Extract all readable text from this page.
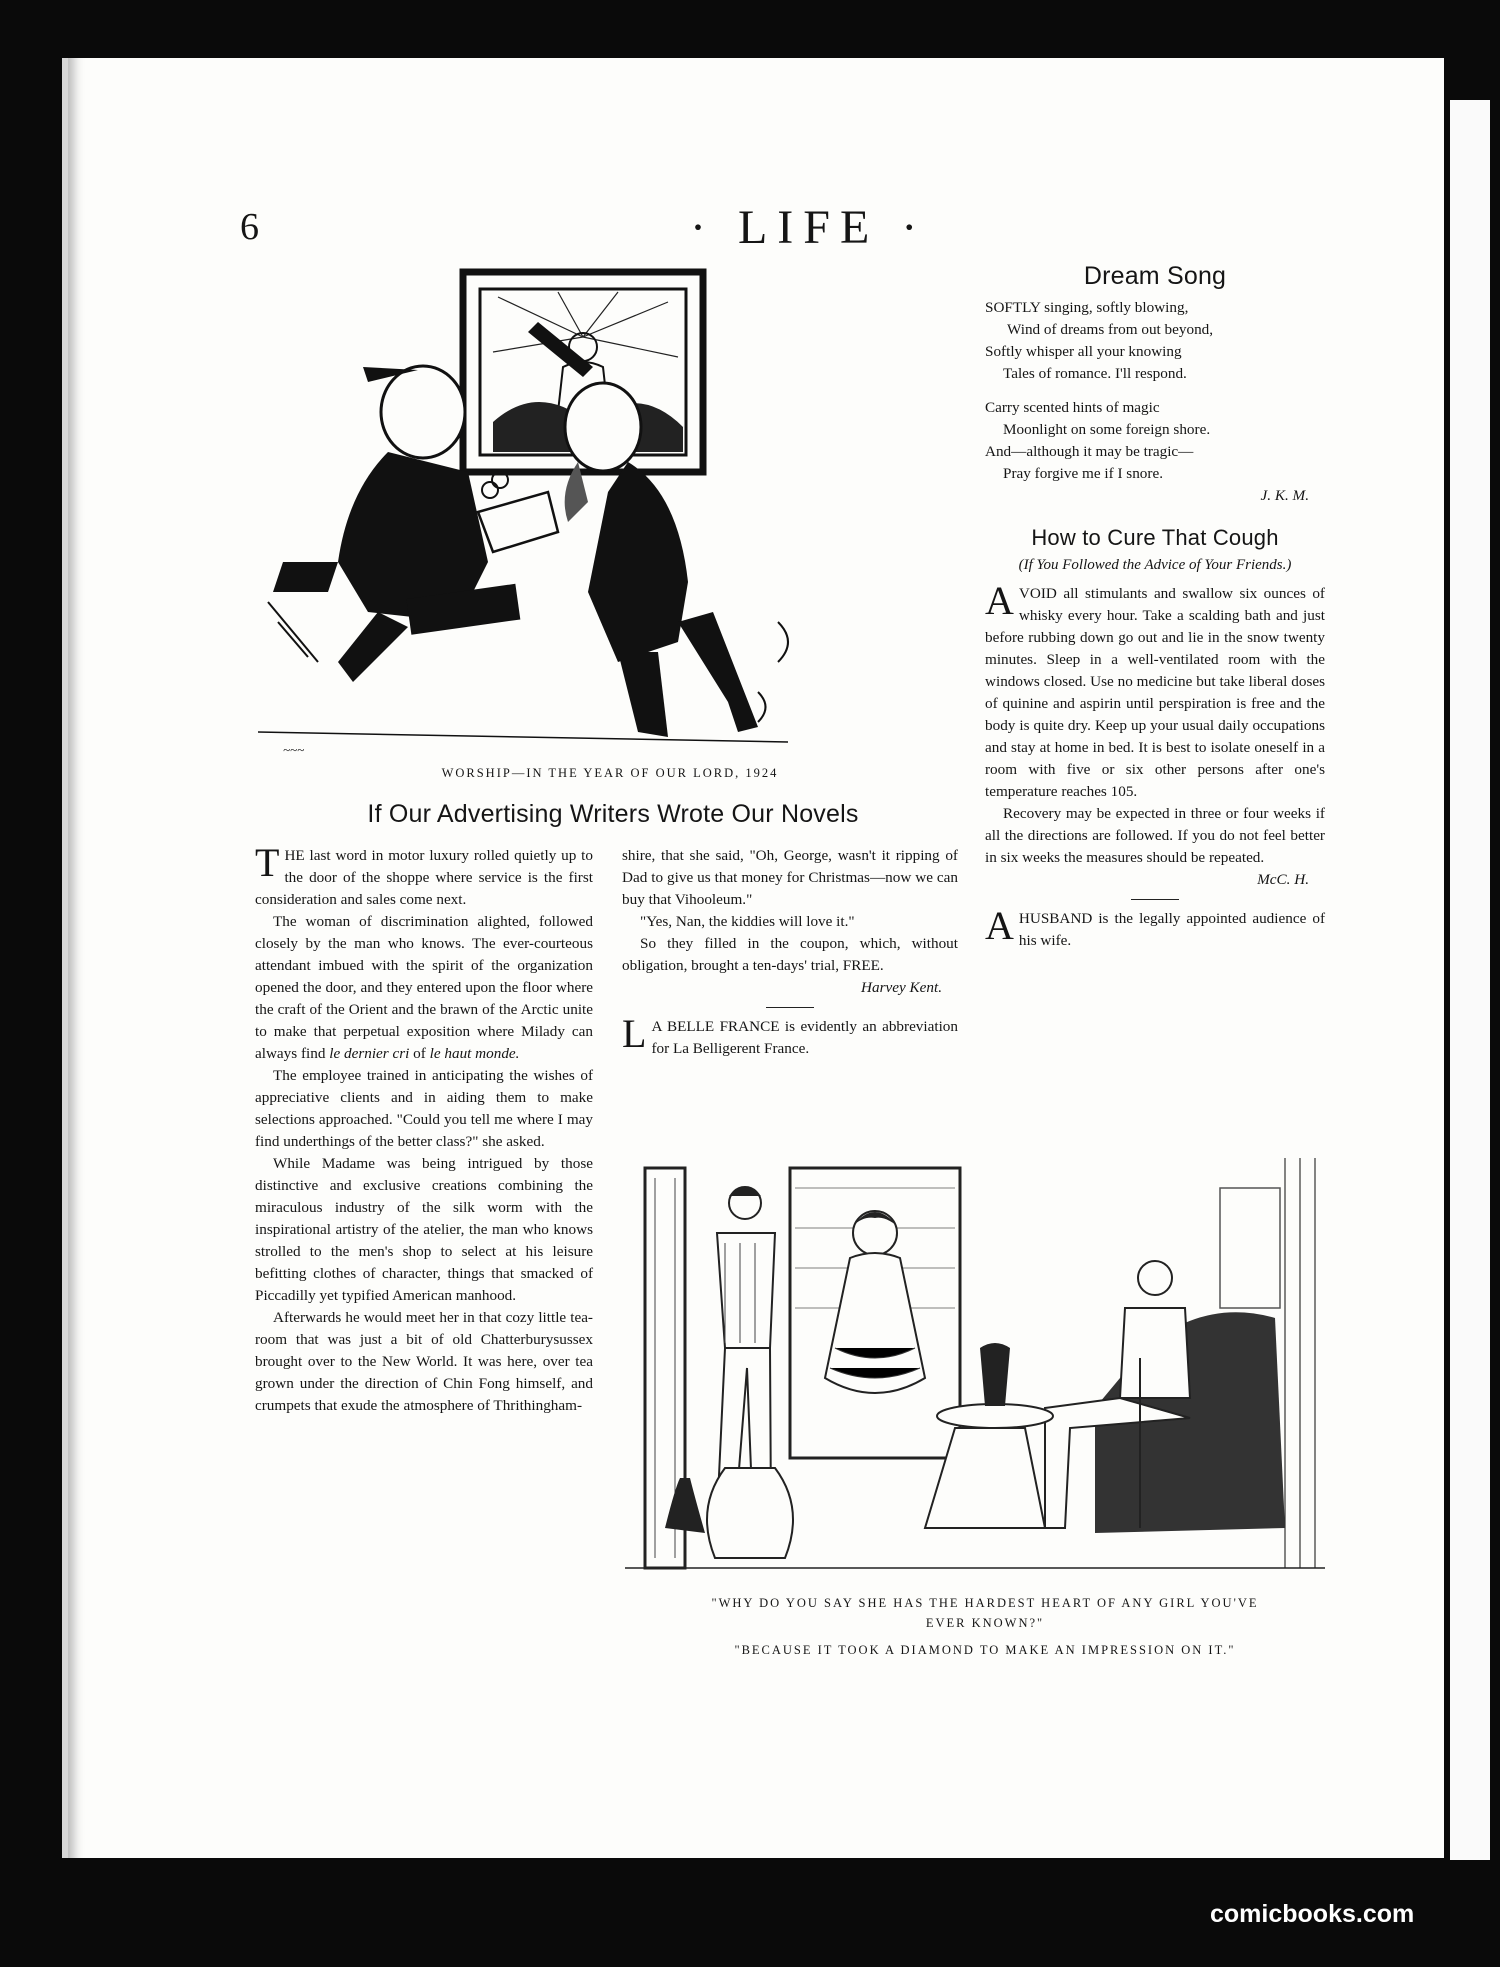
6	· LIFE ·
~~~
WORSHIP—IN THE YEAR OF OUR LORD, 1924
If Our Advertising Writers Wrote Our Novels

THE last word in motor luxury rolled quietly up to the door of the shoppe where service is the first consideration and sales come next.

The woman of discrimination alighted, followed closely by the man who knows. The ever-courteous attendant imbued with the spirit of the organization opened the door, and they entered upon the floor where the craft of the Orient and the brawn of the Arctic unite to make that perpetual exposition where Milady can always find le dernier cri of le haut monde.

The employee trained in anticipating the wishes of appreciative clients and in aiding them to make selections approached. "Could you tell me where I may find underthings of the better class?" she asked.

While Madame was being intrigued by those distinctive and exclusive creations combining the miraculous industry of the silk worm with the inspirational artistry of the atelier, the man who knows strolled to the men's shop to select at his leisure befitting clothes of character, things that smacked of Piccadilly yet typified American manhood.

Afterwards he would meet her in that cozy little tea-room that was just a bit of old Chatterburysussex brought over to the New World. It was here, over tea grown under the direction of Chin Fong himself, and crumpets that exude the atmosphere of Thrithingham-

shire, that she said, "Oh, George, wasn't it ripping of Dad to give us that money for Christmas—now we can buy that Vihooleum."

"Yes, Nan, the kiddies will love it."

So they filled in the coupon, which, without obligation, brought a ten-days' trial, FREE.

Harvey Kent.

L A BELLE FRANCE is evidently an abbreviation for La Belligerent France.

Dream Song
SOFTLY singing, softly blowing,
Wind of dreams from out beyond,
Softly whisper all your knowing
Tales of romance. I'll respond.
Carry scented hints of magic
Moonlight on some foreign shore.
And—although it may be tragic—
Pray forgive me if I snore.
J. K. M.
How to Cure That Cough
(If You Followed the Advice of Your Friends.)

AVOID all stimulants and swallow six ounces of whisky every hour. Take a scalding bath and just before rubbing down go out and lie in the snow twenty minutes. Sleep in a well-ventilated room with the windows closed. Use no medicine but take liberal doses of quinine and aspirin until perspiration is free and the body is quite dry. Keep up your usual daily occupations and stay at home in bed. It is best to isolate oneself in a room with five or six other persons after one's temperature reaches 105.

Recovery may be expected in three or four weeks if all the directions are followed. If you do not feel better in six weeks the measures should be repeated.

McC. H.

AHUSBAND is the legally appointed audience of his wife.

"WHY DO YOU SAY SHE HAS THE HARDEST HEART OF ANY GIRL YOU'VE EVER KNOWN?"
"BECAUSE IT TOOK A DIAMOND TO MAKE AN IMPRESSION ON IT."
comicbooks.com
